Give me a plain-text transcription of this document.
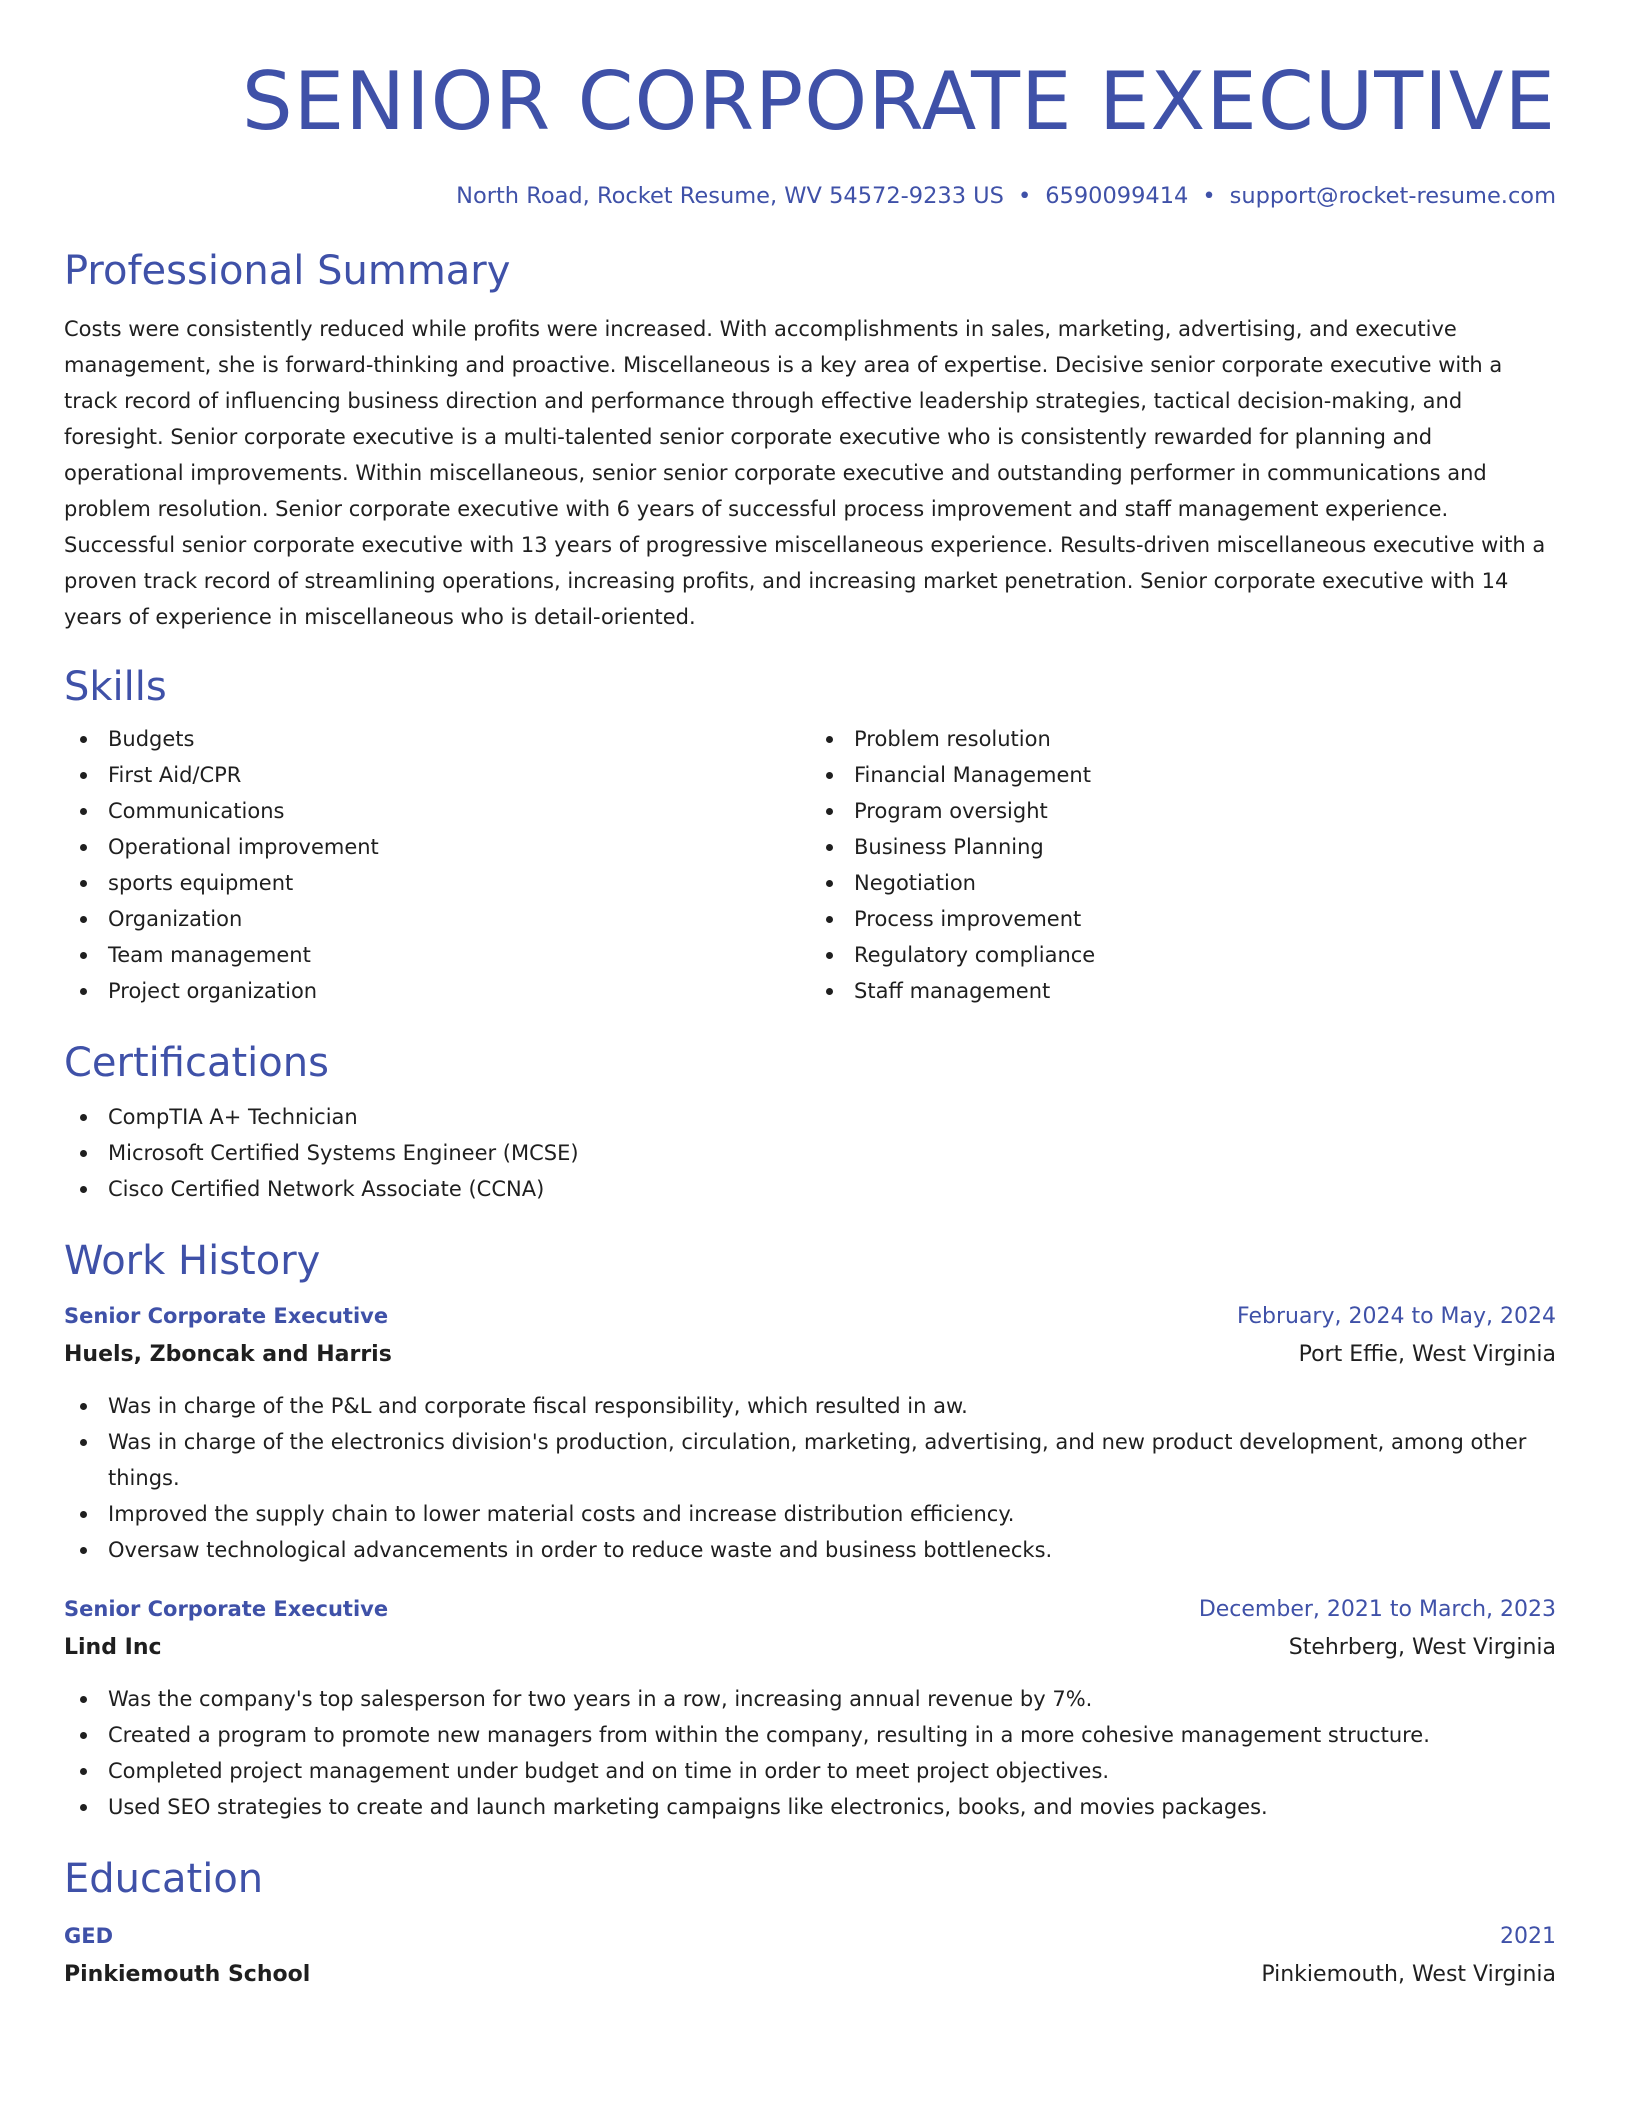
SENIOR CORPORATE EXECUTIVE
North Road, Rocket Resume, WV 54572-9233 US • 6590099414 • support@rocket-resume.com
Professional Summary
Costs were consistently reduced while profits were increased. With accomplishments in sales, marketing, advertising, and executive management, she is forward-thinking and proactive. Miscellaneous is a key area of expertise. Decisive senior corporate executive with a track record of influencing business direction and performance through effective leadership strategies, tactical decision-making, and foresight. Senior corporate executive is a multi-talented senior corporate executive who is consistently rewarded for planning and operational improvements. Within miscellaneous, senior senior corporate executive and outstanding performer in communications and problem resolution. Senior corporate executive with 6 years of successful process improvement and staff management experience. Successful senior corporate executive with 13 years of progressive miscellaneous experience. Results-driven miscellaneous executive with a proven track record of streamlining operations, increasing profits, and increasing market penetration. Senior corporate executive with 14 years of experience in miscellaneous who is detail-oriented.
Skills
Budgets
First Aid/CPR
Communications
Operational improvement
sports equipment
Organization
Team management
Project organization
Problem resolution
Financial Management
Program oversight
Business Planning
Negotiation
Process improvement
Regulatory compliance
Staff management
Certifications
CompTIA A+ Technician
Microsoft Certified Systems Engineer (MCSE)
Cisco Certified Network Associate (CCNA)
Work History
Senior Corporate Executive	February, 2024 to May, 2024
Huels, Zboncak and Harris	Port Effie, West Virginia
Was in charge of the P&L and corporate fiscal responsibility, which resulted in aw.
Was in charge of the electronics division's production, circulation, marketing, advertising, and new product development, among other things.
Improved the supply chain to lower material costs and increase distribution efficiency.
Oversaw technological advancements in order to reduce waste and business bottlenecks.
Senior Corporate Executive	December, 2021 to March, 2023
Lind Inc	Stehrberg, West Virginia
Was the company's top salesperson for two years in a row, increasing annual revenue by 7%.
Created a program to promote new managers from within the company, resulting in a more cohesive management structure.
Completed project management under budget and on time in order to meet project objectives.
Used SEO strategies to create and launch marketing campaigns like electronics, books, and movies packages.
Education
GED	2021
Pinkiemouth School	Pinkiemouth, West Virginia
